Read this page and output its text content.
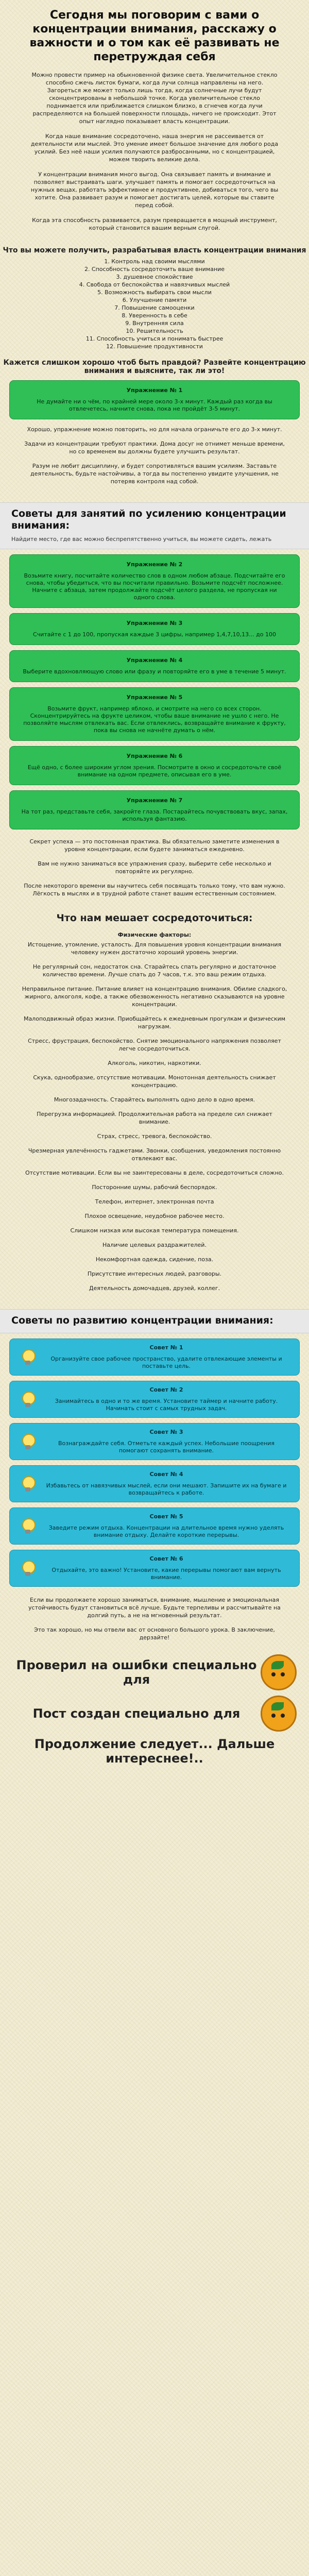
Сегодня мы поговорим с вами о концентрации внимания, расскажу о важности и о том как её развивать не перетруждая себя

Можно провести пример на обыкновенной физике света. Увеличительное стекло способно сжечь листок бумаги, когда лучи солнца направлены на него. Загореться же может только лишь тогда, когда солнечные лучи будут сконцентрированы в небольшой точке. Когда увеличительное стекло поднимается или приближается слишком близко, в сгнечев когда лучи распределяются на большей поверхности площадь, ничего не происходит. Этот опыт наглядно показывает власть концентрации.

Когда наше внимание сосредоточено, наша энергия не рассеивается от деятельности или мыслей. Это умение имеет большое значение для любого рода усилий. Без неё наши усилия получаются разбросанными, но с концентрацией, можем творить великие дела.

У концентрации внимания много выгод. Она связывает память и внимание и позволяет выстраивать шаги. улучшает память и помогает сосредоточиться на нужных вещах, работать эффективнее и продуктивнее, добиваться того, чего вы хотите. Она развивает разум и помогает достигать целей, которые вы ставите перед собой.

Когда эта способность развивается, разум превращается в мощный инструмент, который становится вашим верным слугой.

Что вы можете получить, разрабатывая власть концентрации внимания
1. Контроль над своими мыслями
2. Способность сосредоточить ваше внимание
3. душевное спокойствие
4. Свобода от беспокойства и навязчивых мыслей
5. Возможность выбирать свои мысли
6. Улучшение памяти
7. Повышение самооценки
8. Уверенность в себе
9. Внутренняя сила
10. Решительность
11. Способность учиться и понимать быстрее
12. Повышение продуктивности
Кажется слишком хорошо чтоб быть правдой? Развейте концентрацию внимания и выясните, так ли это!
Упражнение № 1
Не думайте ни о чём, по крайней мере около 3-х минут. Каждый раз когда вы отвлечетесь, начните снова, пока не пройдёт 3-5 минут.

Хорошо, упражнение можно повторить, но для начала ограничьте его до 3-х минут.

Задачи из концентрации требуют практики. Дома досуг не отнимет меньше времени, но со временем вы должны будете улучшить результат.

Разум не любит дисциплину, и будет сопротивляться вашим усилиям. Заставьте деятельность, будьте настойчивы, а тогда вы постепенно увидите улучшения, не потеряв контроля над собой.

Советы для занятий по усилению концентрации внимания:

Найдите место, где вас можно беспрепятственно учиться, вы можете сидеть, лежать

Упражнение № 2
Возьмите книгу, посчитайте количество слов в одном любом абзаце. Подсчитайте его снова, чтобы убедиться, что вы посчитали правильно. Возьмите подсчёт посложнее. Начните с абзаца, затем продолжайте подсчёт целого раздела, не пропуская ни одного слова.
Упражнение № 3
Считайте с 1 до 100, пропуская каждые 3 цифры, например 1,4,7,10,13... до 100
Упражнение № 4
Выберите вдохновляющую слово или фразу и повторяйте его в уме в течение 5 минут.
Упражнение № 5
Возьмите фрукт, например яблоко, и смотрите на него со всех сторон. Сконцентрируйтесь на фрукте целиком, чтобы ваше внимание не ушло с него. Не позволяйте мыслям отвлекать вас. Если отвлеклись, возвращайте внимание к фрукту, пока вы снова не начнёте думать о нём.
Упражнение № 6
Ещё одно, с более широким углом зрения. Посмотрите в окно и сосредоточьте своё внимание на одном предмете, описывая его в уме.
Упражнение № 7
На тот раз, представьте себя, закройте глаза. Постарайтесь почувствовать вкус, запах, используя фантазию.

Секрет успеха — это постоянная практика. Вы обязательно заметите изменения в уровне концентрации, если будете заниматься ежедневно.

Вам не нужно заниматься все упражнения сразу, выберите себе несколько и повторяйте их регулярно.

После некоторого времени вы научитесь себя посвящать только тому, что вам нужно. Лёгкость в мыслях и в трудной работе станет вашим естественным состоянием.

Что нам мешает сосредоточиться:
Физические факторы:

Истощение, утомление, усталость. Для повышения уровня концентрации внимания человеку нужен достаточно хороший уровень энергии.

Не регулярный сон, недостаток сна. Старайтесь спать регулярно и достаточное количество времени. Лучше спать до 7 часов, т.к. это ваш режим отдыха.

Неправильное питание. Питание влияет на концентрацию внимания. Обилие сладкого, жирного, алкоголя, кофе, а также обезвоженность негативно сказываются на уровне концентрации.

Малоподвижный образ жизни. Приобщайтесь к ежедневным прогулкам и физическим нагрузкам.

Стресс, фрустрация, беспокойство. Снятие эмоционального напряжения позволяет легче сосредоточиться.

Алкоголь, никотин, наркотики.

Скука, однообразие, отсутствие мотивации. Монотонная деятельность снижает концентрацию.

Многозадачность. Старайтесь выполнять одно дело в одно время.

Перегрузка информацией. Продолжительная работа на пределе сил снижает внимание.

Страх, стресс, тревога, беспокойство.

Чрезмерная увлечённость гаджетами. Звонки, сообщения, уведомления постоянно отвлекают вас.

Отсутствие мотивации. Если вы не заинтересованы в деле, сосредоточиться сложно.

Посторонние шумы, рабочий беспорядок.

Телефон, интернет, электронная почта

Плохое освещение, неудобное рабочее место.

Слишком низкая или высокая температура помещения.

Наличие целевых раздражителей.

Некомфортная одежда, сидение, поза.

Присутствие интересных людей, разговоры.

Деятельность домочадцев, друзей, коллег.

Советы по развитию концентрации внимания:
Совет № 1
Организуйте свое рабочее пространство, удалите отвлекающие элементы и поставьте цель.
Совет № 2
Занимайтесь в одно и то же время. Установите таймер и начните работу. Начинать стоит с самых трудных задач.
Совет № 3
Вознаграждайте себя. Отметьте каждый успех. Небольшие поощрения помогают сохранять внимание.
Совет № 4
Избавьтесь от навязчивых мыслей, если они мешают. Запишите их на бумаге и возвращайтесь к работе.
Совет № 5
Заведите режим отдыха. Концентрации на длительное время нужно уделять внимание отдыху. Делайте короткие перерывы.
Совет № 6
Отдыхайте, это важно! Установите, какие перерывы помогают вам вернуть внимание.

Если вы продолжаете хорошо заниматься, внимание, мышление и эмоциональная устойчивость будут становиться всё лучше. Будьте терпеливы и рассчитывайте на долгий путь, а не на мгновенный результат.

Это так хорошо, но мы отвели вас от основного большого урока. В заключение, дерзайте!

Проверил на ошибки специально для
Пост создан специально для
Продолжение следует... Дальше интереснее!..
